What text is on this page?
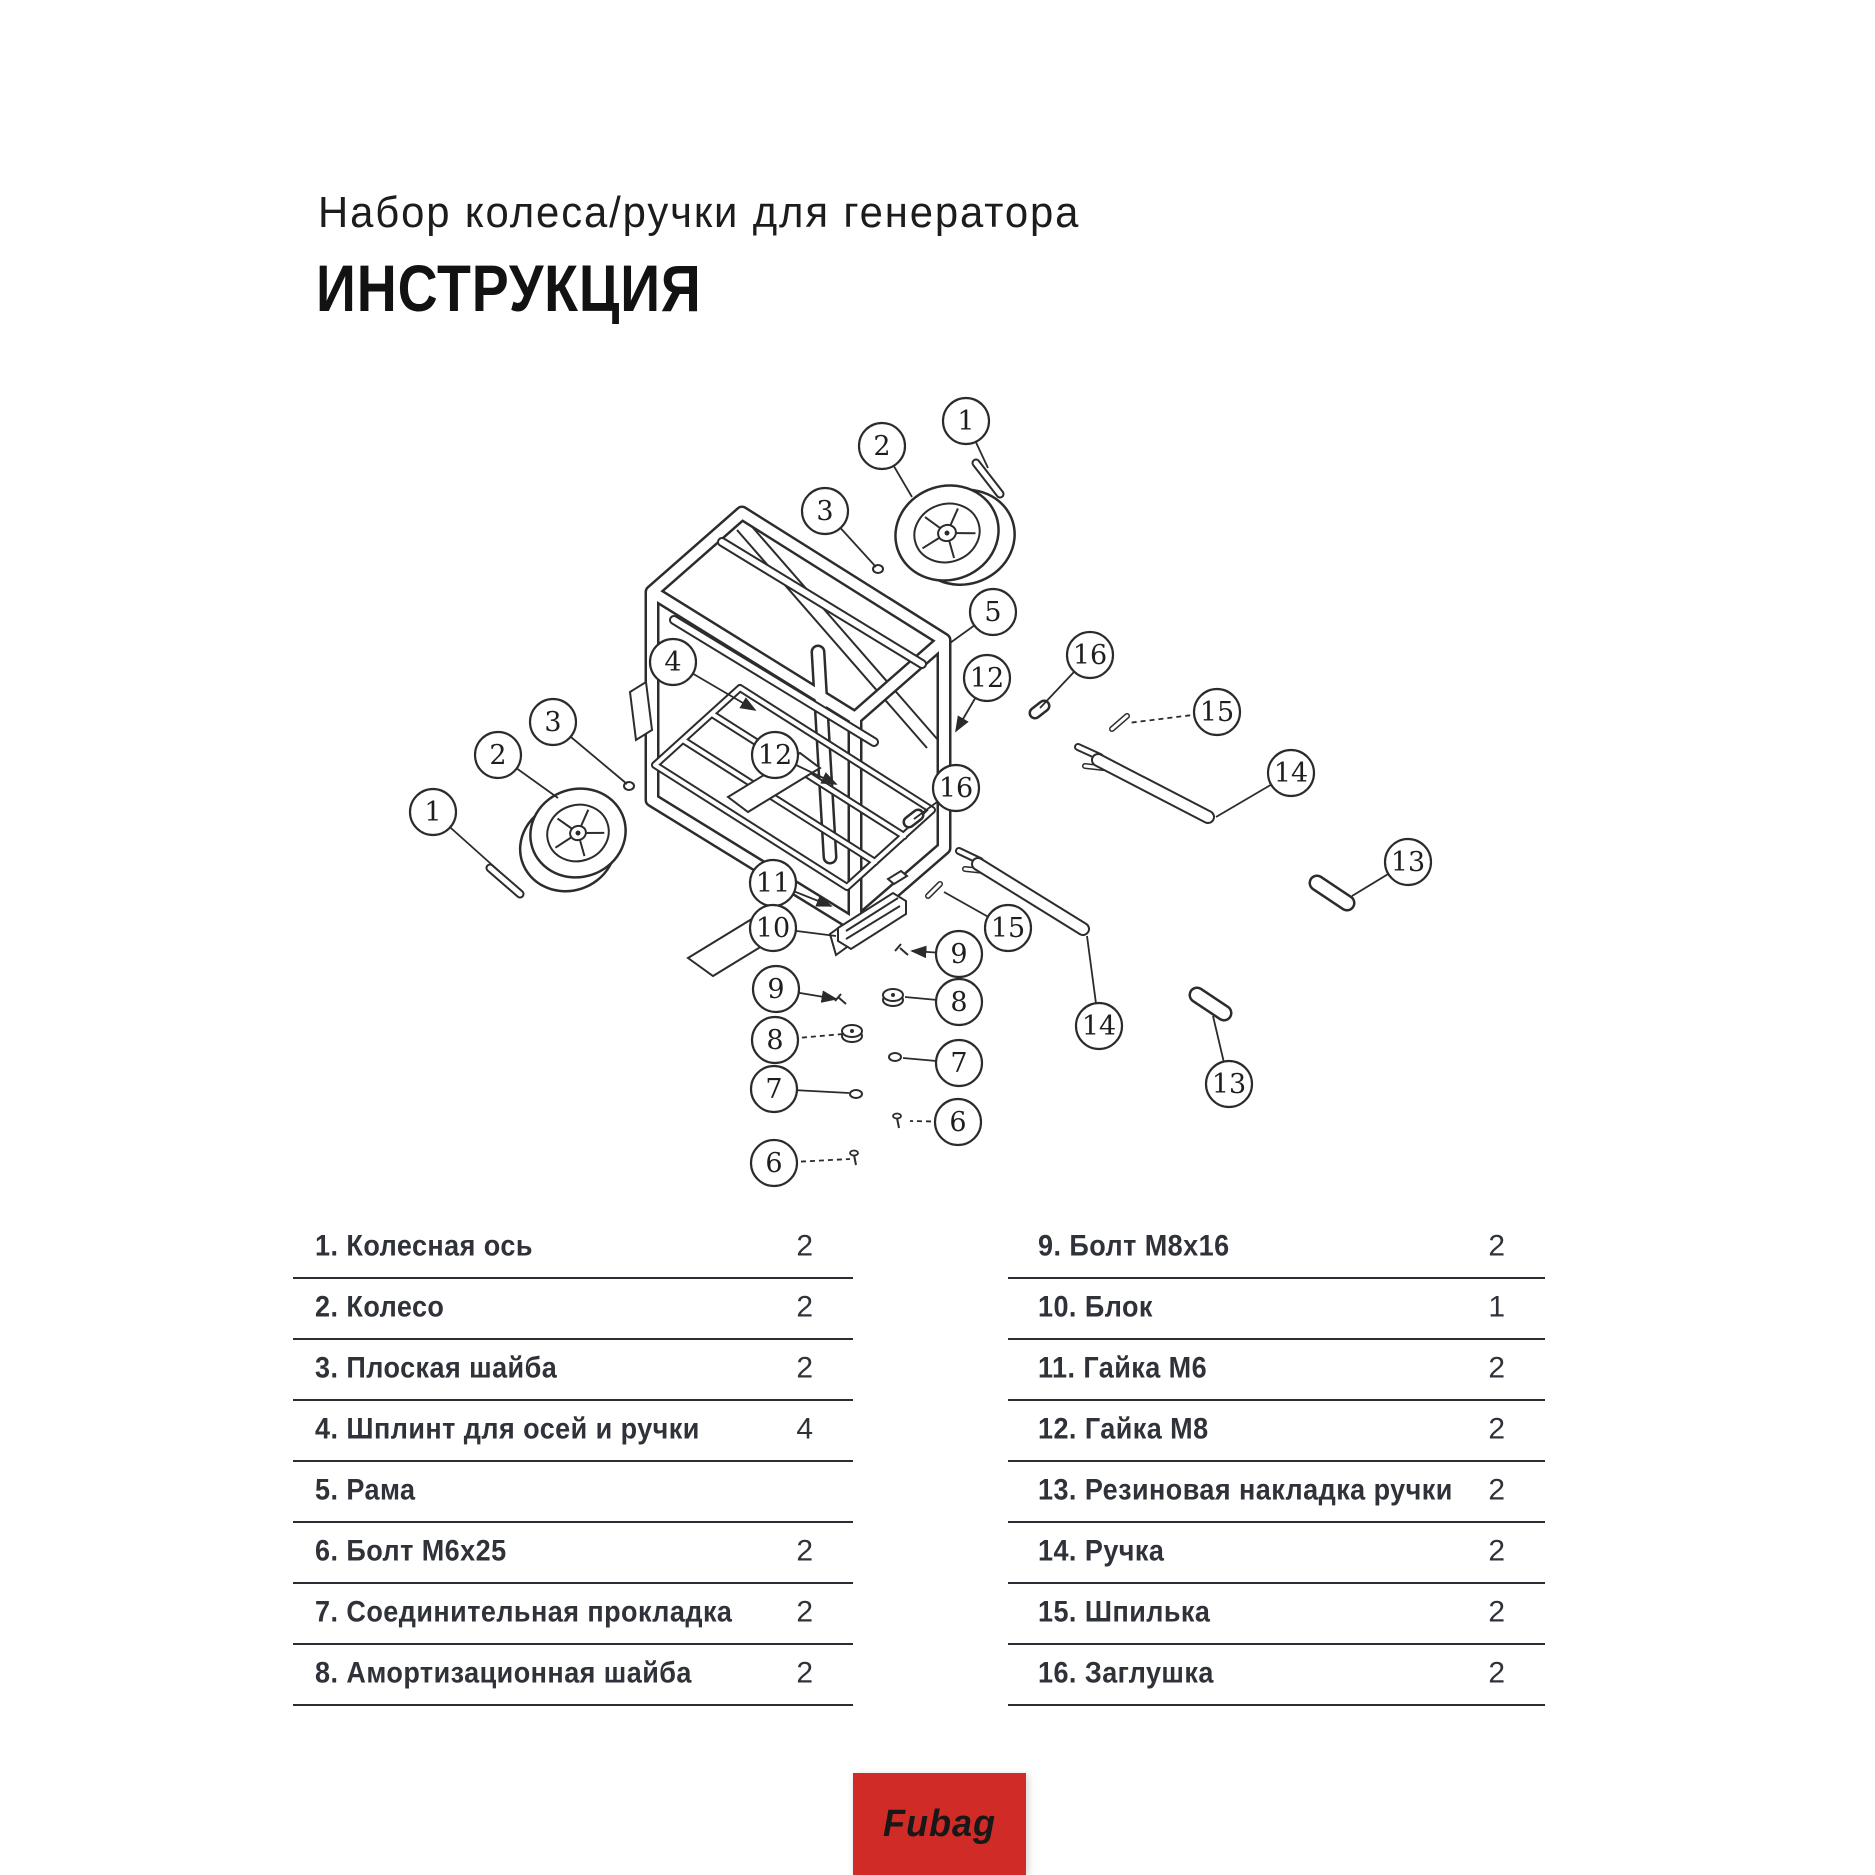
Набор колеса/ручки для генератора
ИНСТРУКЦИЯ
1
2
3
5
12
16
15
14
13
4
3
2
1
12
16
11
10	15
9
8
7
6
9
8
7
6
14
13
1. Колесная ось	2
2. Колесо	2
3. Плоская шайба	2
4. Шплинт для осей и ручки	4
5. Рама
6. Болт М6х25	2
7. Соединительная прокладка 2
8. Амортизационная шайба	2
9. Болт М8х16	2
10. Блок	1
11. Гайка М6	2
12. Гайка М8	2
13. Резиновая накладка ручки 2
14. Ручка	2
15. Шпилька	2
16. Заглушка	2
Fubag
